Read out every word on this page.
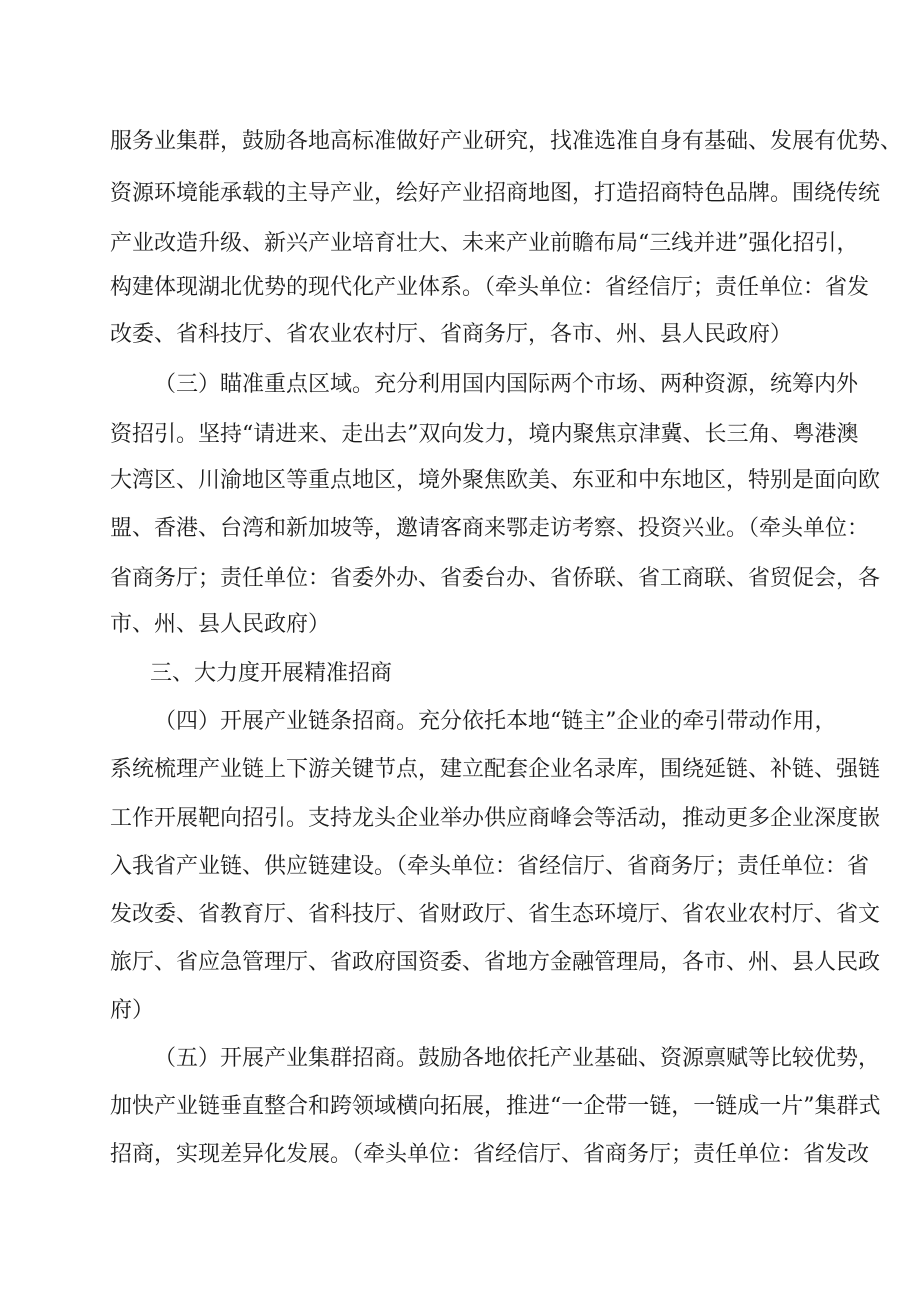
服务业集群，鼓励各地高标准做好产业研究，找准选准自身有基础、发展有优势、
资源环境能承载的主导产业，绘好产业招商地图，打造招商特色品牌。围绕传统
产业改造升级、新兴产业培育壮大、未来产业前瞻布局“三线并进”强化招引，
构建体现湖北优势的现代化产业体系。（牵头单位：省经信厅；责任单位：省发
改委、省科技厅、省农业农村厅、省商务厅，各市、州、县人民政府）
（三）瞄准重点区域。充分利用国内国际两个市场、两种资源，统筹内外
资招引。坚持“请进来、走出去”双向发力，境内聚焦京津冀、长三角、粤港澳
大湾区、川渝地区等重点地区，境外聚焦欧美、东亚和中东地区，特别是面向欧
盟、香港、台湾和新加坡等，邀请客商来鄂走访考察、投资兴业。（牵头单位：
省商务厅；责任单位：省委外办、省委台办、省侨联、省工商联、省贸促会，各
市、州、县人民政府）
三、大力度开展精准招商
（四）开展产业链条招商。充分依托本地“链主”企业的牵引带动作用，
系统梳理产业链上下游关键节点，建立配套企业名录库，围绕延链、补链、强链
工作开展靶向招引。支持龙头企业举办供应商峰会等活动，推动更多企业深度嵌
入我省产业链、供应链建设。（牵头单位：省经信厅、省商务厅；责任单位：省
发改委、省教育厅、省科技厅、省财政厅、省生态环境厅、省农业农村厅、省文
旅厅、省应急管理厅、省政府国资委、省地方金融管理局，各市、州、县人民政
府）
（五）开展产业集群招商。鼓励各地依托产业基础、资源禀赋等比较优势，
加快产业链垂直整合和跨领域横向拓展，推进“一企带一链，一链成一片”集群式
招商，实现差异化发展。（牵头单位：省经信厅、省商务厅；责任单位：省发改
